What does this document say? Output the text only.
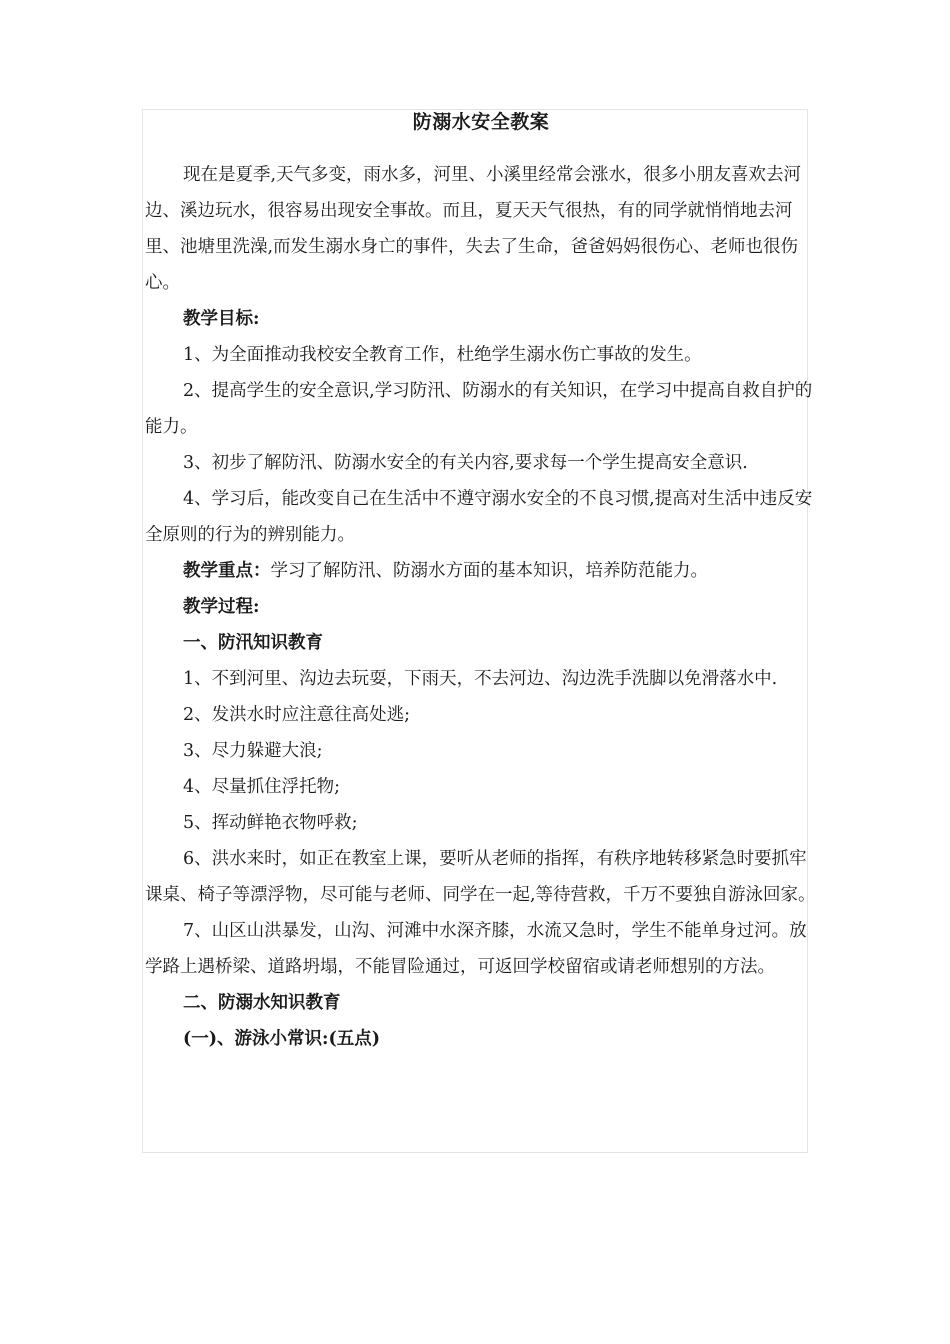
防溺水安全教案

现在是夏季,天气多变，雨水多，河里、小溪里经常会涨水，很多小朋友喜欢去河边、溪边玩水，很容易出现安全事故。而且，夏天天气很热，有的同学就悄悄地去河里、池塘里洗澡,而发生溺水身亡的事件，失去了生命，爸爸妈妈很伤心、老师也很伤心。

教学目标:

1、为全面推动我校安全教育工作，杜绝学生溺水伤亡事故的发生。

2、提高学生的安全意识,学习防汛、防溺水的有关知识，在学习中提高自救自护的能力。

3、初步了解防汛、防溺水安全的有关内容,要求每一个学生提高安全意识.

4、学习后，能改变自己在生活中不遵守溺水安全的不良习惯,提高对生活中违反安全原则的行为的辨别能力。

教学重点：学习了解防汛、防溺水方面的基本知识，培养防范能力。

教学过程:

一、防汛知识教育

1、不到河里、沟边去玩耍，下雨天，不去河边、沟边洗手洗脚以免滑落水中.

2、发洪水时应注意往高处逃;

3、尽力躲避大浪;

4、尽量抓住浮托物;

5、挥动鲜艳衣物呼救;

6、洪水来时，如正在教室上课，要听从老师的指挥，有秩序地转移紧急时要抓牢课桌、椅子等漂浮物，尽可能与老师、同学在一起,等待营救，千万不要独自游泳回家。

7、山区山洪暴发，山沟、河滩中水深齐膝，水流又急时，学生不能单身过河。放学路上遇桥梁、道路坍塌，不能冒险通过，可返回学校留宿或请老师想别的方法。

二、防溺水知识教育

(一)、游泳小常识:(五点)
